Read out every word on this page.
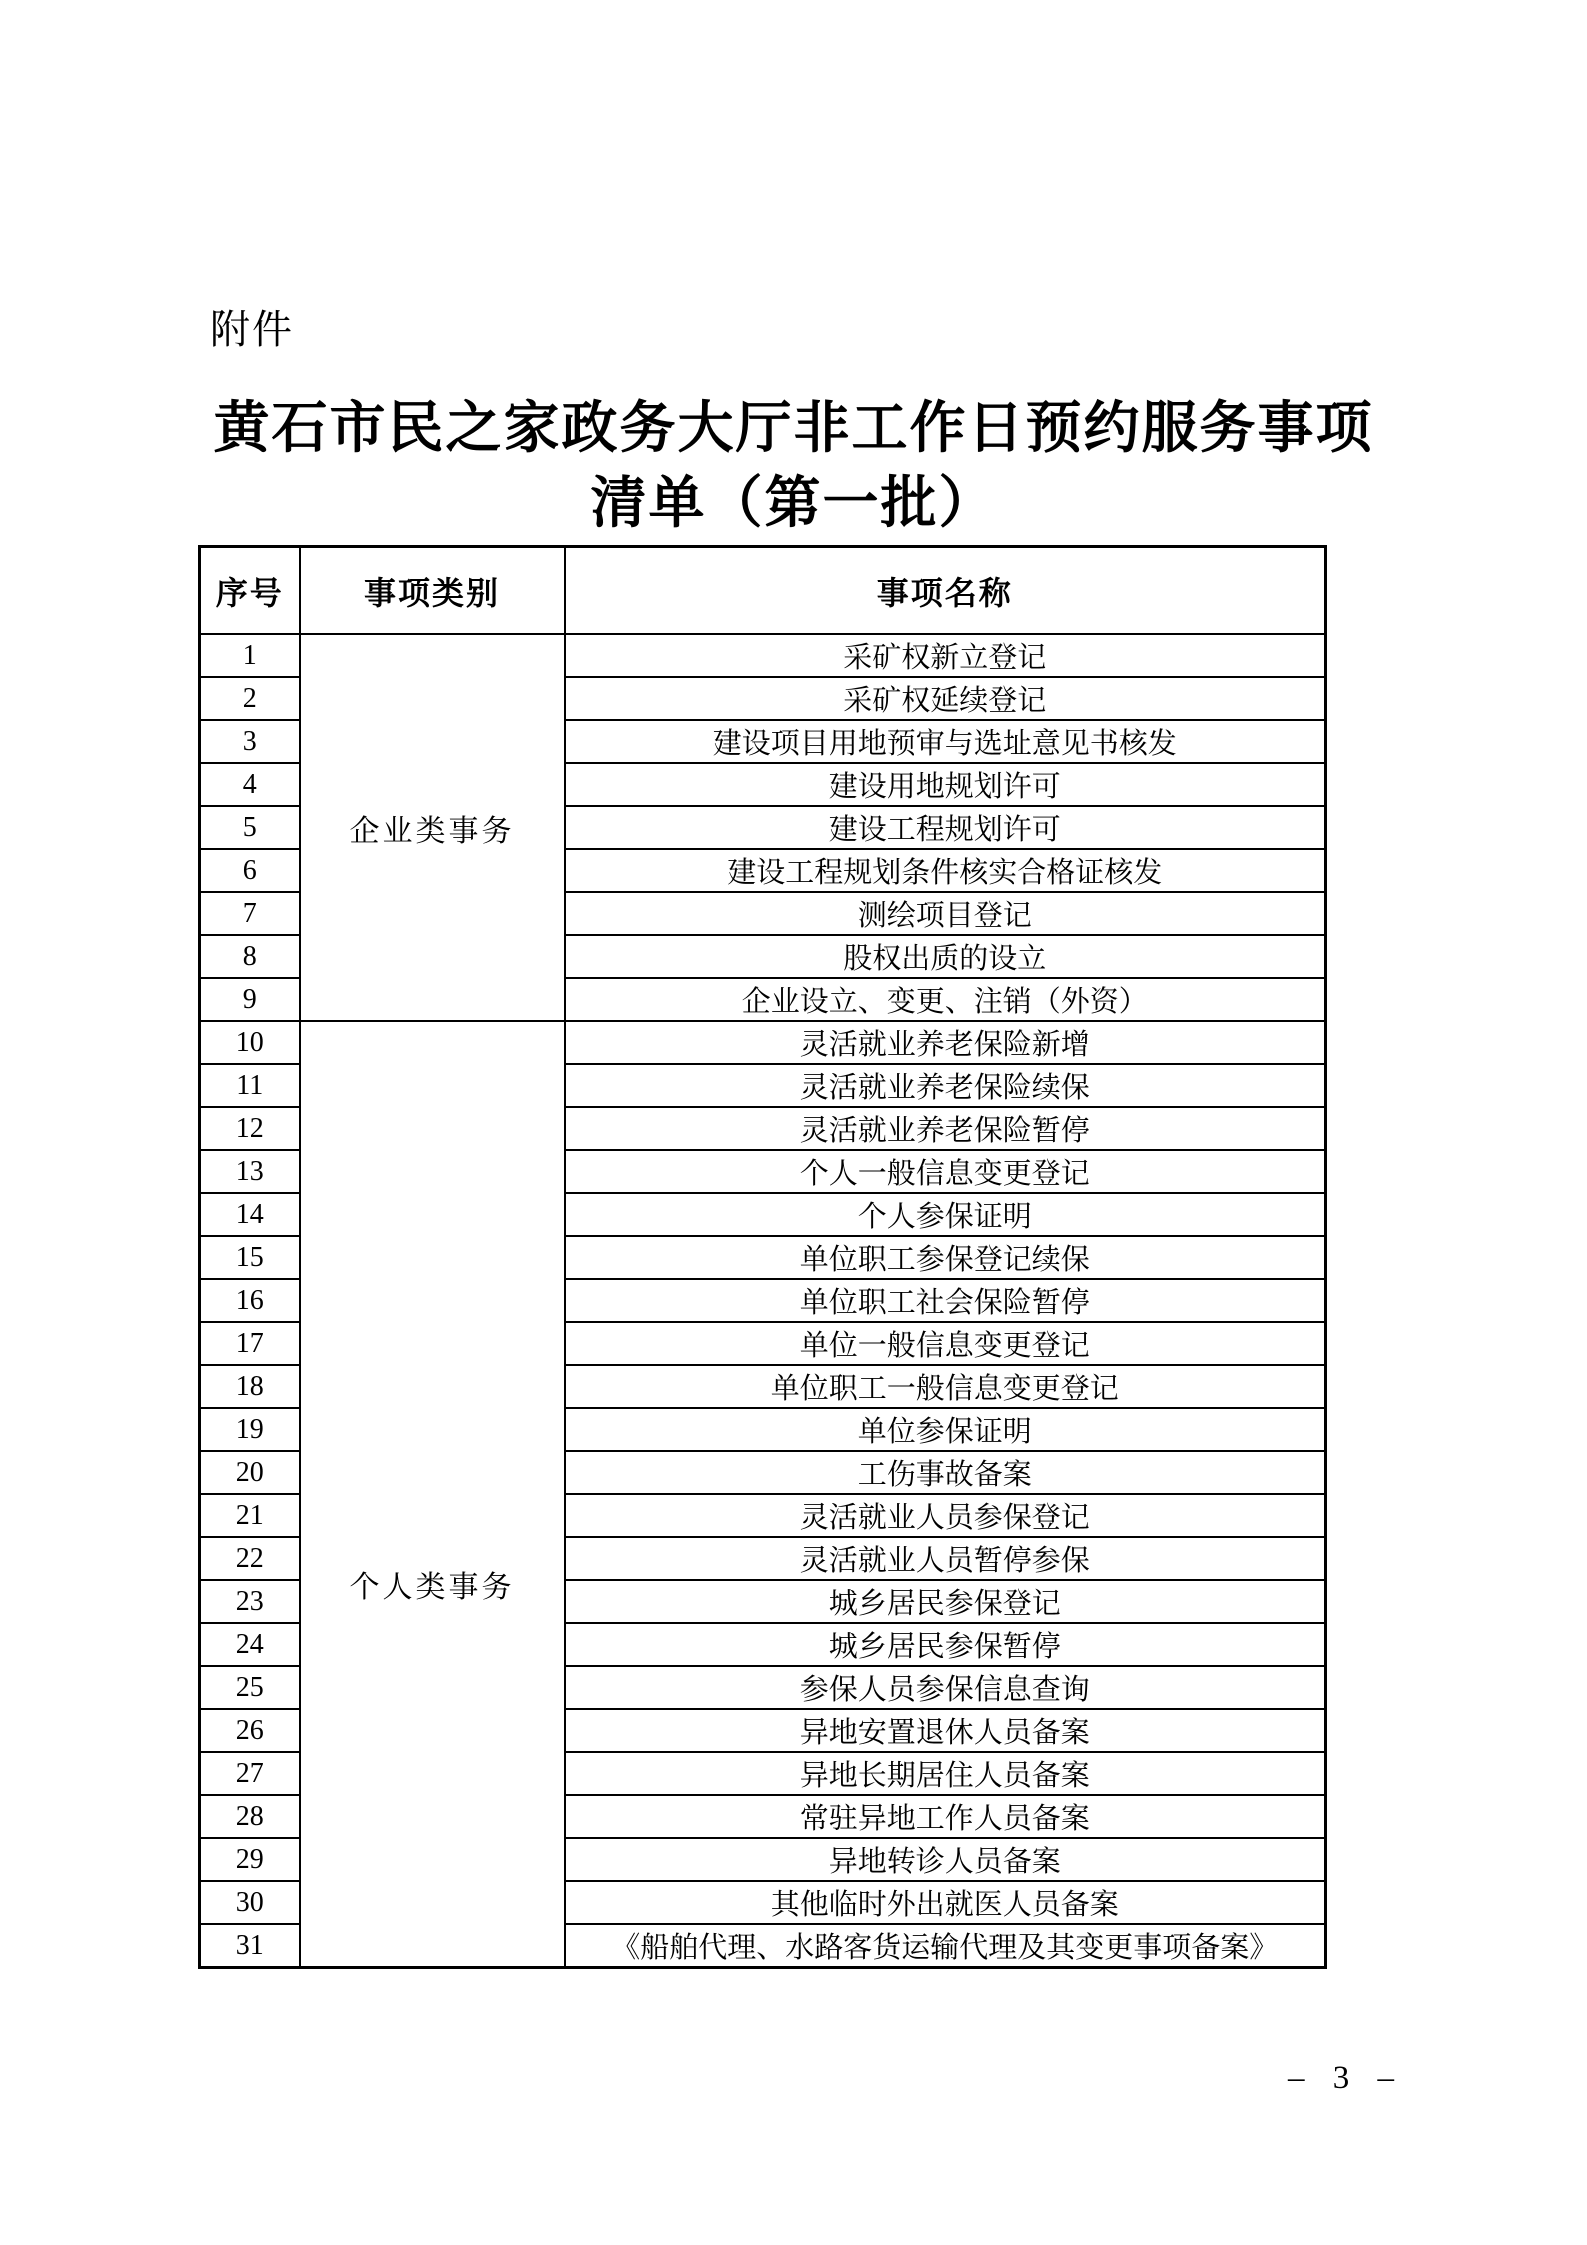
附件
黄石市民之家政务大厅非工作日预约服务事项
清单（第一批）
序号	事项类别	事项名称
1	企业类事务	采矿权新立登记
2		采矿权延续登记
3		建设项目用地预审与选址意见书核发
4		建设用地规划许可
5		建设工程规划许可
6		建设工程规划条件核实合格证核发
7		测绘项目登记
8		股权出质的设立
9		企业设立、变更、注销（外资）
10	个人类事务	灵活就业养老保险新增
11		灵活就业养老保险续保
12		灵活就业养老保险暂停
13		个人一般信息变更登记
14		个人参保证明
15		单位职工参保登记续保
16		单位职工社会保险暂停
17		单位一般信息变更登记
18		单位职工一般信息变更登记
19		单位参保证明
20		工伤事故备案
21		灵活就业人员参保登记
22		灵活就业人员暂停参保
23		城乡居民参保登记
24		城乡居民参保暂停
25		参保人员参保信息查询
26		异地安置退休人员备案
27		异地长期居住人员备案
28		常驻异地工作人员备案
29		异地转诊人员备案
30		其他临时外出就医人员备案
31		《船舶代理、水路客货运输代理及其变更事项备案》
– 3 –
